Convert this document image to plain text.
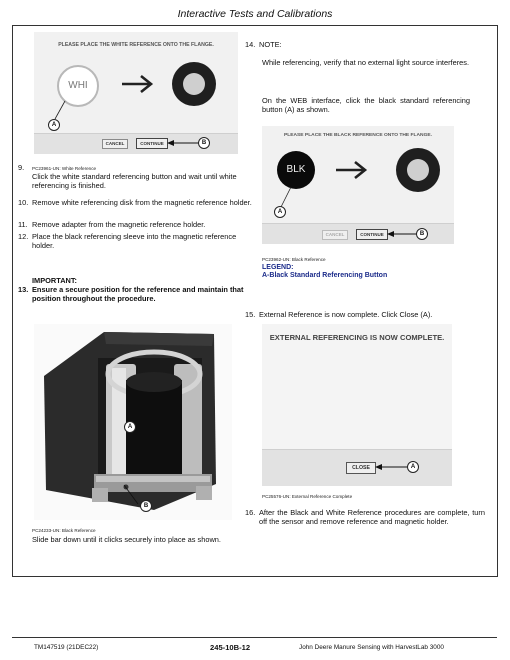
Interactive Tests and Calibrations
PLEASE PLACE THE WHITE REFERENCE ONTO THE FLANGE.
WHI
A
CANCEL	CONTINUE	B
PC23961-UN: White Reference
9.
Click the white standard referencing button and wait until white referencing is finished.
10. Remove white referencing disk from the magnetic reference holder.
11. Remove adapter from the magnetic reference holder.
12. Place the black referencing sleeve into the magnetic reference holder.
IMPORTANT:
13. Ensure a secure position for the reference and maintain that position throughout the procedure.
A
B
PC24233-UN: Black Reference
Slide bar down until it clicks securely into place as shown.
14. NOTE:
While referencing, verify that no external light source interferes.
On the WEB interface, click the black standard referencing button (A) as shown.
PLEASE PLACE THE BLACK REFERENCE ONTO THE FLANGE.
BLK
A
CANCEL	CONTINUE	B
PC23962-UN: Black Reference
LEGEND:
A-Black Standard Referencing Button
15. External Reference is now complete. Click Close (A).
EXTERNAL REFERENCING IS NOW COMPLETE.
CLOSE	A
PC25576-UN: External Reference Complete
16. After the Black and White Reference procedures are complete, turn off the sensor and remove reference and magnetic holder.
TM147519 (21DEC22)	245-10B-12	John Deere Manure Sensing with HarvestLab 3000
